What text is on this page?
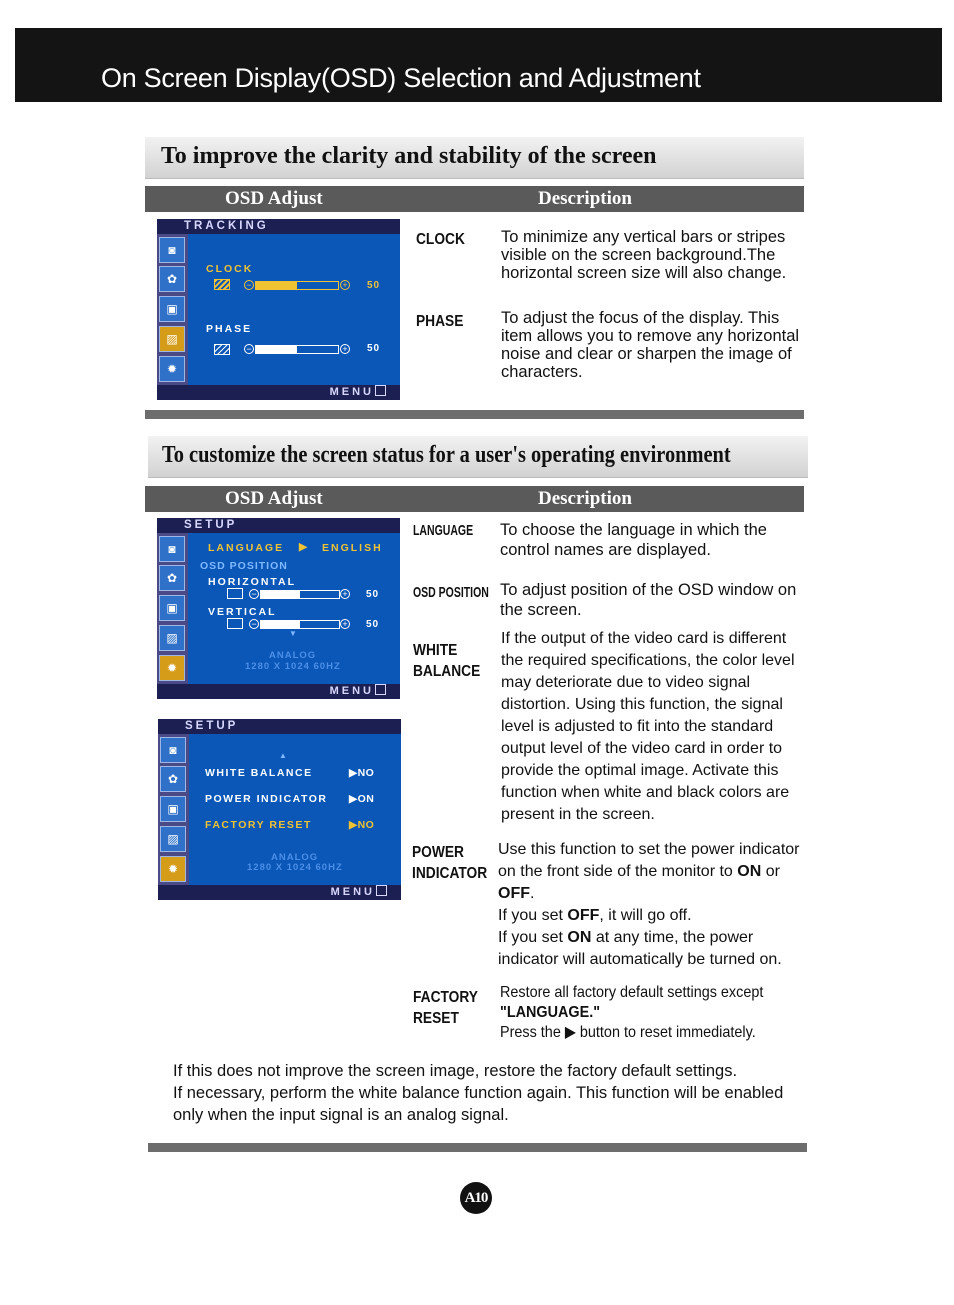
On Screen Display(OSD) Selection and Adjustment
To improve the clarity and stability of the screen
OSD Adjust	Description
TRACKING
◙
✿
▣
▨
✹
CLOCK
−	+ 50
PHASE
−	+ 50
MENU
CLOCK To minimize any vertical bars or stripes visible on the screen background.The horizontal screen size will also change.
PHASE To adjust the focus of the display. This item allows you to remove any horizontal noise and clear or sharpen the image of characters.
To customize the screen status for a user's operating environment
OSD Adjust	Description
SETUP
◙
✿
▣
▨
✹
LANGUAGE ▶ ENGLISH
OSD POSITION
HORIZONTAL
−	+ 50
VERTICAL
−	+ 50
▼
ANALOG
1280 X 1024 60HZ
MENU
SETUP
◙
✿
▣
▨
✹
▲
WHITE BALANCE	▶NO
POWER INDICATOR ▶ON
FACTORY RESET	▶NO
ANALOG
1280 X 1024 60HZ
MENU
LANGUAGE To choose the language in which the control names are displayed.
OSD POSITION To adjust position of the OSD window on the screen.
WHITE
BALANCE
If the output of the video card is different the required specifications, the color level may deteriorate due to video signal distortion. Using this function, the signal level is adjusted to fit into the standard output level of the video card in order to provide the optimal image. Activate this function when white and black colors are present in the screen.
POWER
INDICATOR
Use this function to set the power indicator on the front side of the monitor to ON or OFF.
If you set OFF, it will go off.
If you set ON at any time, the power indicator will automatically be turned on.
FACTORY
RESET
Restore all factory default settings except
"LANGUAGE."
Press the ▶ button to reset immediately.
If this does not improve the screen image, restore the factory default settings.
If necessary, perform the white balance function again. This function will be enabled only when the input signal is an analog signal.
A10
